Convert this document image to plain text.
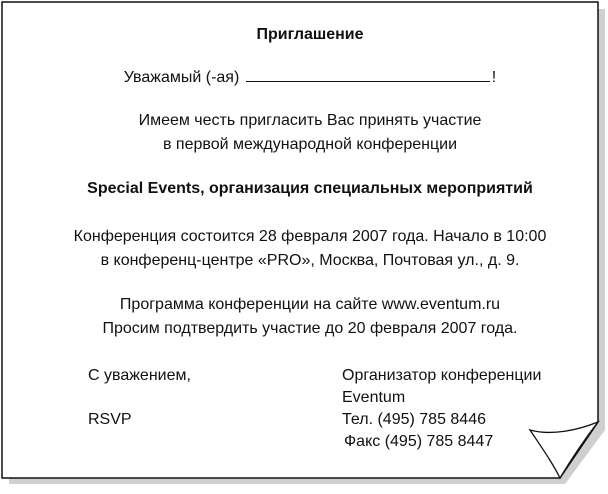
Приглашение
Уважамый (-ая)	!
Имеем честь пригласить Вас принять участие
в первой международной конференции
Special Events, организация специальных мероприятий
Конференция состоится 28 февраля 2007 года. Начало в 10:00
в конференц-центре «PRO», Москва, Почтовая ул., д. 9.
Программа конференции на сайте www.eventum.ru
Просим подтвердить участие до 20 февраля 2007 года.
С уважением,
RSVP
Организатор конференции
Eventum
Тел. (495) 785 8446
Факс (495) 785 8447
